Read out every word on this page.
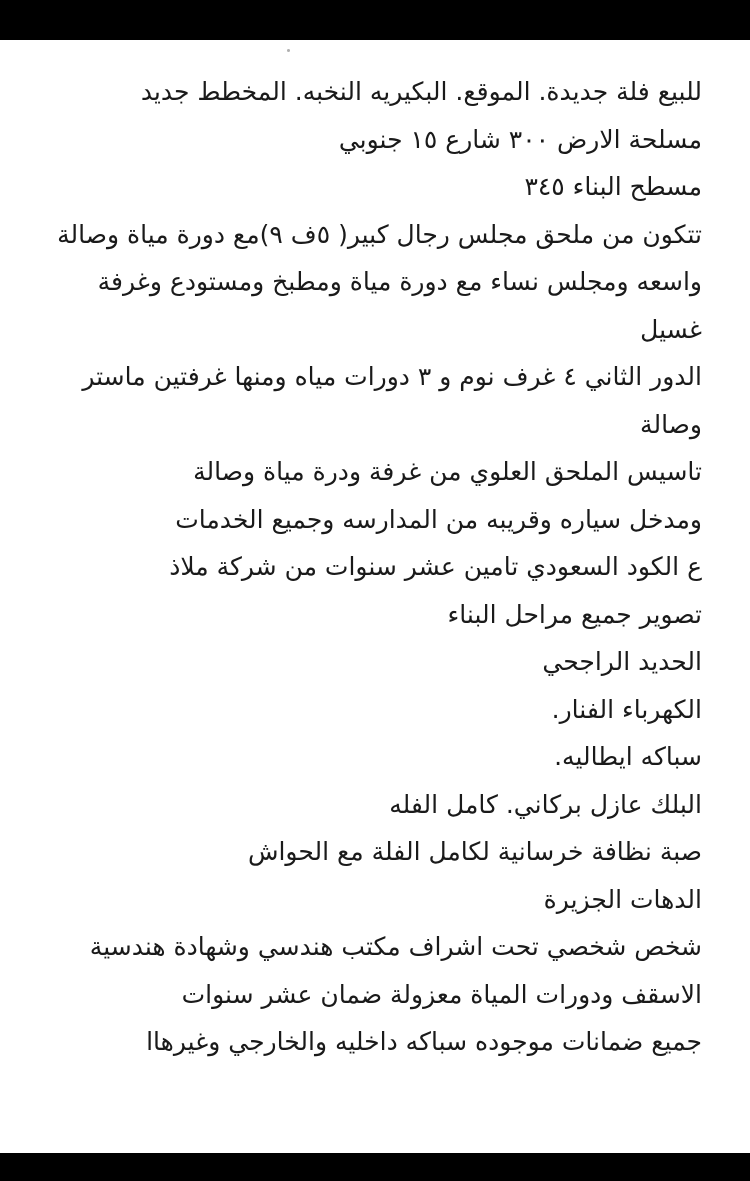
للبيع فلة جديدة. الموقع. البكيريه النخبه. المخطط جديد
مسلحة الارض ٣٠٠ شارع ١٥ جنوبي
مسطح البناء ٣٤٥
تتكون من ملحق مجلس رجال كبير( ٥ف ٩)مع دورة مياة وصالة
واسعه ومجلس نساء مع دورة مياة ومطبخ ومستودع وغرفة
غسيل
الدور الثاني ٤ غرف نوم و ٣ دورات مياه ومنها غرفتين ماستر
وصالة
تاسيس الملحق العلوي من غرفة ودرة مياة وصالة
ومدخل سياره وقريبه من المدارسه وجميع الخدمات
ع الكود السعودي تامين عشر سنوات من شركة ملاذ
تصوير جميع مراحل البناء
الحديد الراجحي
الكهرباء الفنار.
سباكه ايطاليه.
البلك عازل بركاني. كامل الفله
صبة نظافة خرسانية لكامل الفلة مع الحواش
الدهات الجزيرة
شخص شخصي تحت اشراف مكتب هندسي وشهادة هندسية
الاسقف ودورات المياة معزولة ضمان عشر سنوات
جميع ضمانات موجوده سباكه داخليه والخارجي وغيرهاا
